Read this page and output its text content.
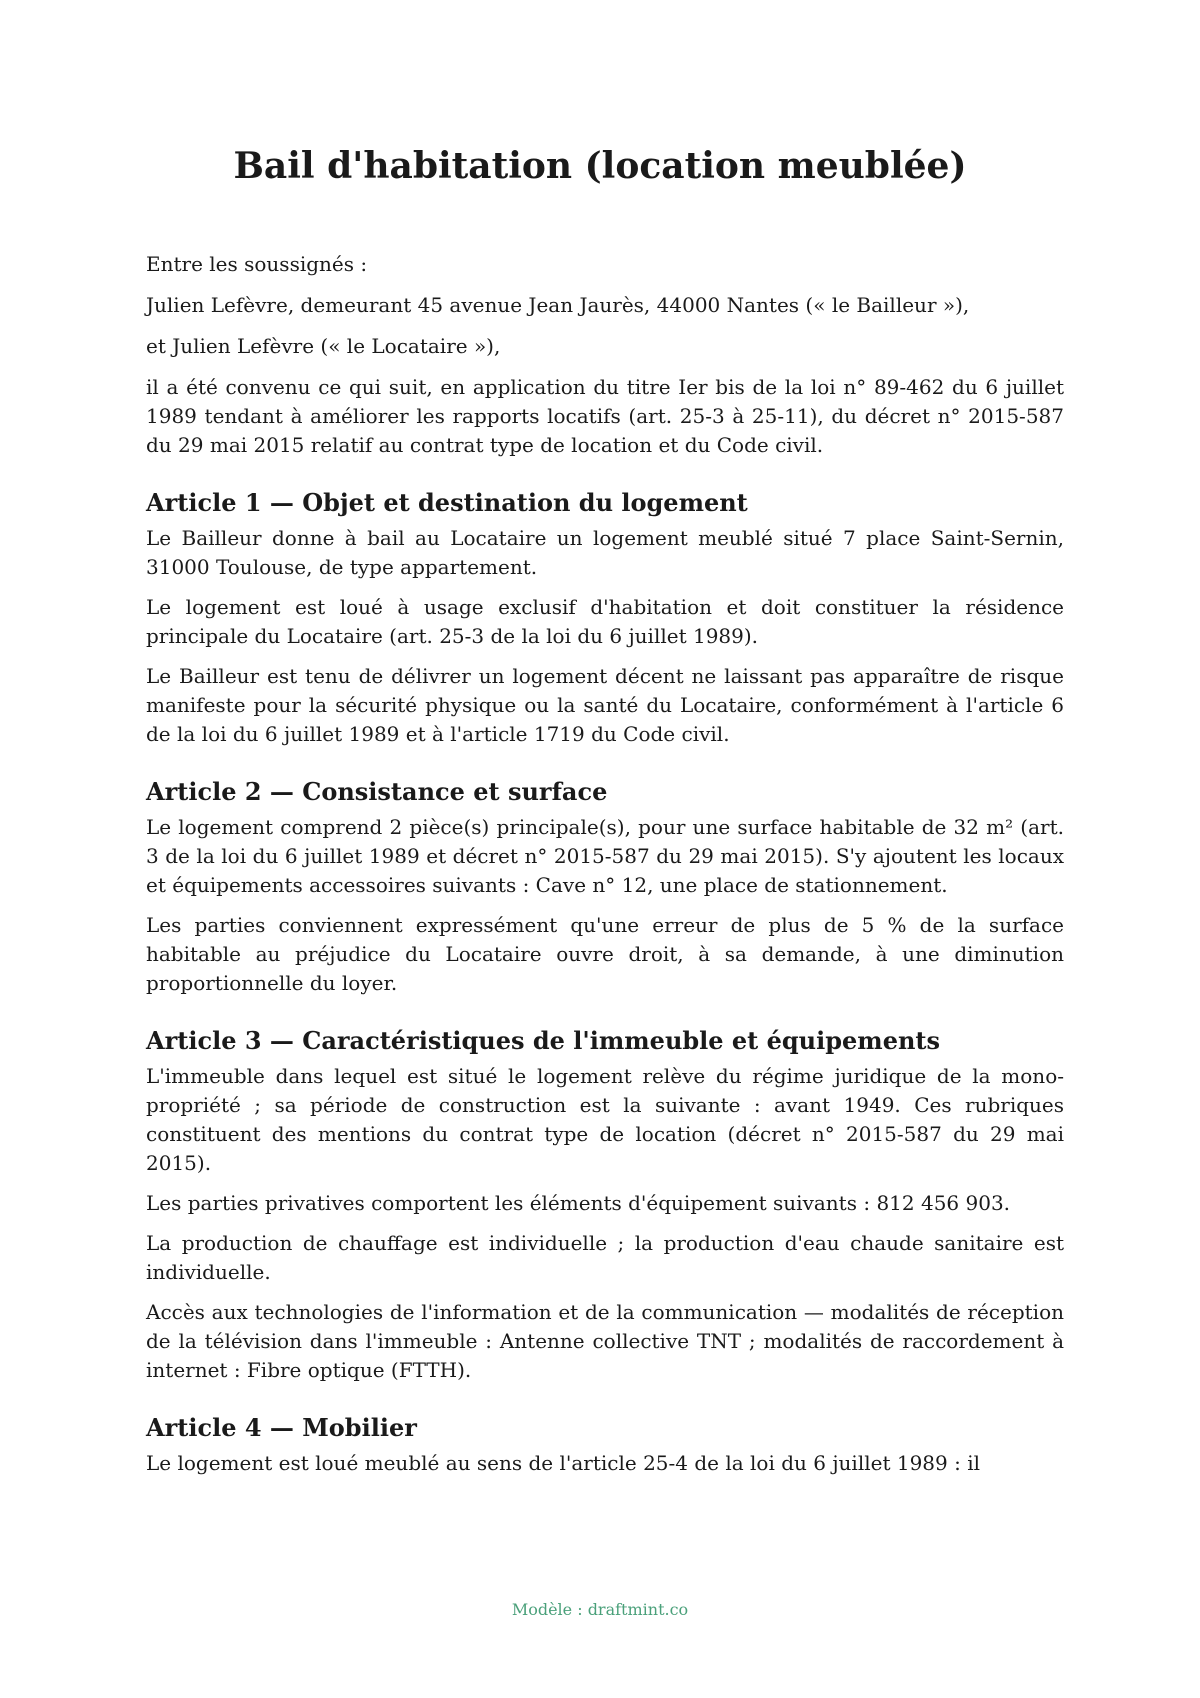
Bail d'habitation (location meublée)

Entre les soussignés :

Julien Lefèvre, demeurant 45 avenue Jean Jaurès, 44000 Nantes (« le Bailleur »),

et Julien Lefèvre (« le Locataire »),

il a été convenu ce qui suit, en application du titre Ier bis de la loi n° 89-462 du 6 juillet 1989 tendant à améliorer les rapports locatifs (art. 25-3 à 25-11), du décret n° 2015-587 du 29 mai 2015 relatif au contrat type de location et du Code civil.

Article 1 — Objet et destination du logement

Le Bailleur donne à bail au Locataire un logement meublé situé 7 place Saint-Sernin, 31000 Toulouse, de type appartement.

Le logement est loué à usage exclusif d'habitation et doit constituer la résidence principale du Locataire (art. 25-3 de la loi du 6 juillet 1989).

Le Bailleur est tenu de délivrer un logement décent ne laissant pas apparaître de risque manifeste pour la sécurité physique ou la santé du Locataire, conformément à l'article 6 de la loi du 6 juillet 1989 et à l'article 1719 du Code civil.

Article 2 — Consistance et surface

Le logement comprend 2 pièce(s) principale(s), pour une surface habitable de 32 m² (art. 3 de la loi du 6 juillet 1989 et décret n° 2015-587 du 29 mai 2015). S'y ajoutent les locaux et équipements accessoires suivants : Cave n° 12, une place de stationnement.

Les parties conviennent expressément qu'une erreur de plus de 5 % de la surface habitable au préjudice du Locataire ouvre droit, à sa demande, à une diminution proportionnelle du loyer.

Article 3 — Caractéristiques de l'immeuble et équipements

L'immeuble dans lequel est situé le logement relève du régime juridique de la mono-propriété ; sa période de construction est la suivante : avant 1949. Ces rubriques constituent des mentions du contrat type de location (décret n° 2015-587 du 29 mai 2015).

Les parties privatives comportent les éléments d'équipement suivants : 812 456 903.

La production de chauffage est individuelle ; la production d'eau chaude sanitaire est individuelle.

Accès aux technologies de l'information et de la communication — modalités de réception de la télévision dans l'immeuble : Antenne collective TNT ; modalités de raccordement à internet : Fibre optique (FTTH).

Article 4 — Mobilier

Le logement est loué meublé au sens de l'article 25-4 de la loi du 6 juillet 1989 : il

Modèle : draftmint.co
